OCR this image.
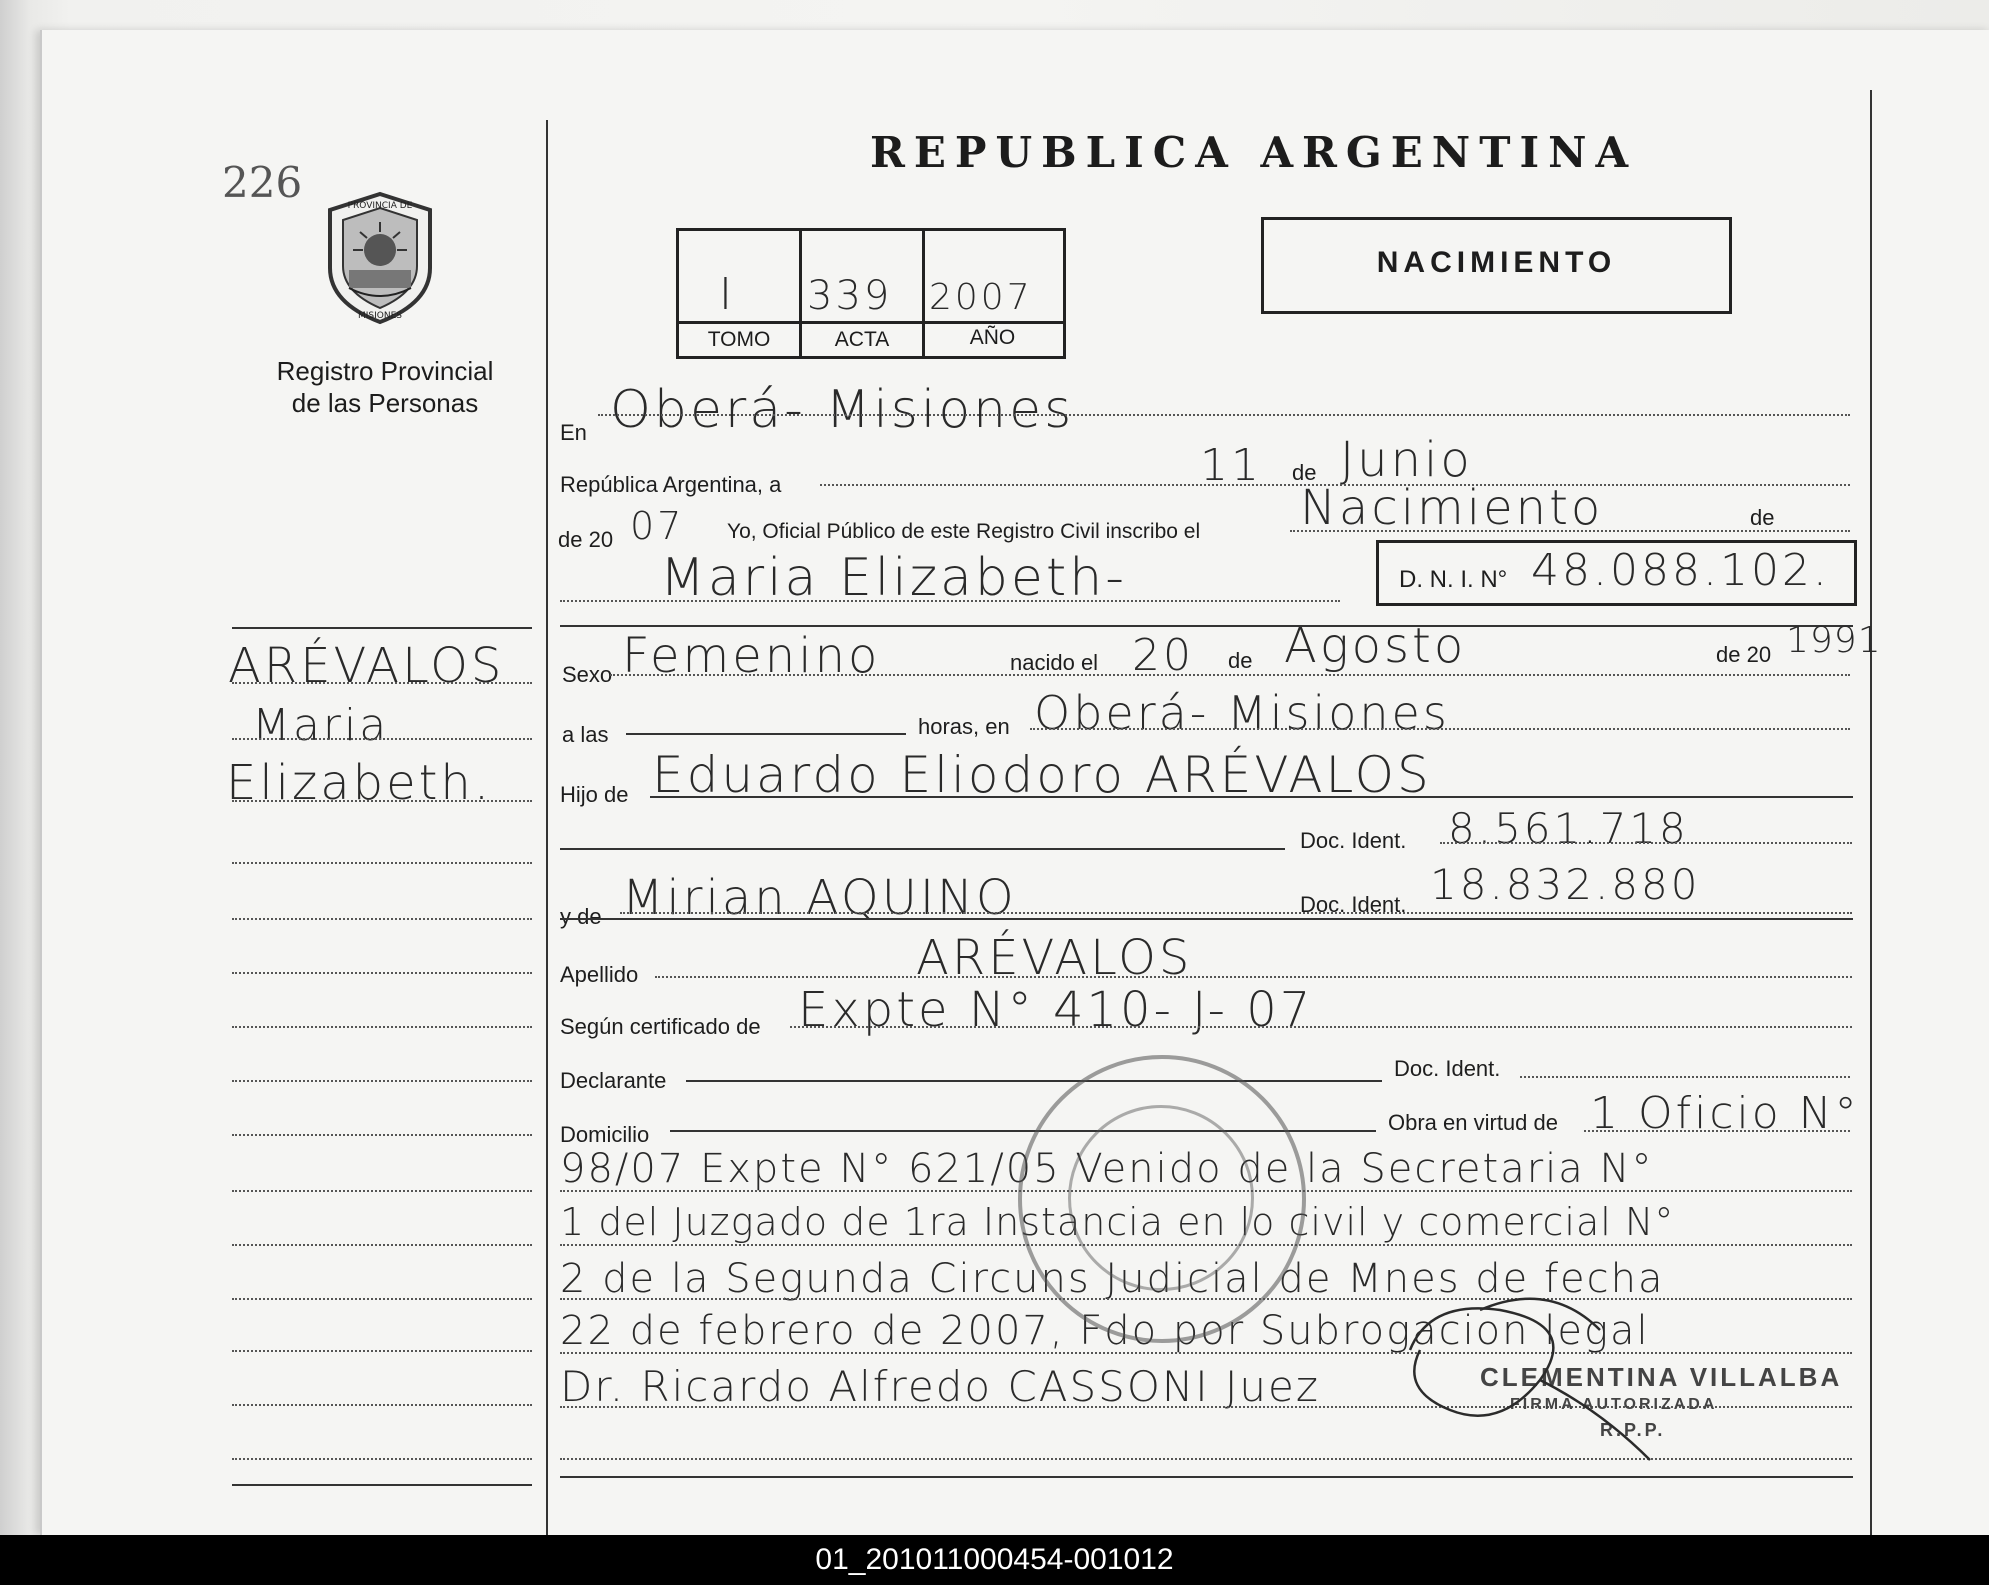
226	PROVINCIA DE
MISIONES
Registro Provincial
de las Personas
REPUBLICA ARGENTINA
I 339 2007
TOMO	ACTA	AÑO
NACIMIENTO
ARÉVALOS
Maria
Elizabeth.
En Oberá- Misiones
República Argentina, a	11 de Junio
de 20 07 Yo, Oficial Público de este Registro Civil inscribo el Nacimiento	de
Maria Elizabeth-	D. N. I. N° 48.088.102.
Sexo Femenino	nacido el 20 de Agosto	de 20 1991
a las	horas, en Oberá- Misiones
Hijo de Eduardo Eliodoro ARÉVALOS
Doc. Ident. 8.561.718
y de Mirian AQUINO	Doc. Ident. 18.832.880
Apellido	ARÉVALOS
Según certificado de Expte N° 410- J- 07
Declarante	Doc. Ident.
Domicilio	Obra en virtud de 1 Oficio N°
98/07 Expte N° 621/05 Venido de la Secretaria N°
1 del Juzgado de 1ra Instancia en lo civil y comercial N°
2 de la Segunda Circuns Judicial de Mnes de fecha
22 de febrero de 2007, Fdo por Subrogacion legal
Dr. Ricardo Alfredo CASSONI Juez	CLEMENTINA VILLALBA
FIRMA AUTORIZADA
R.P.P.
01_201011000454-001012
